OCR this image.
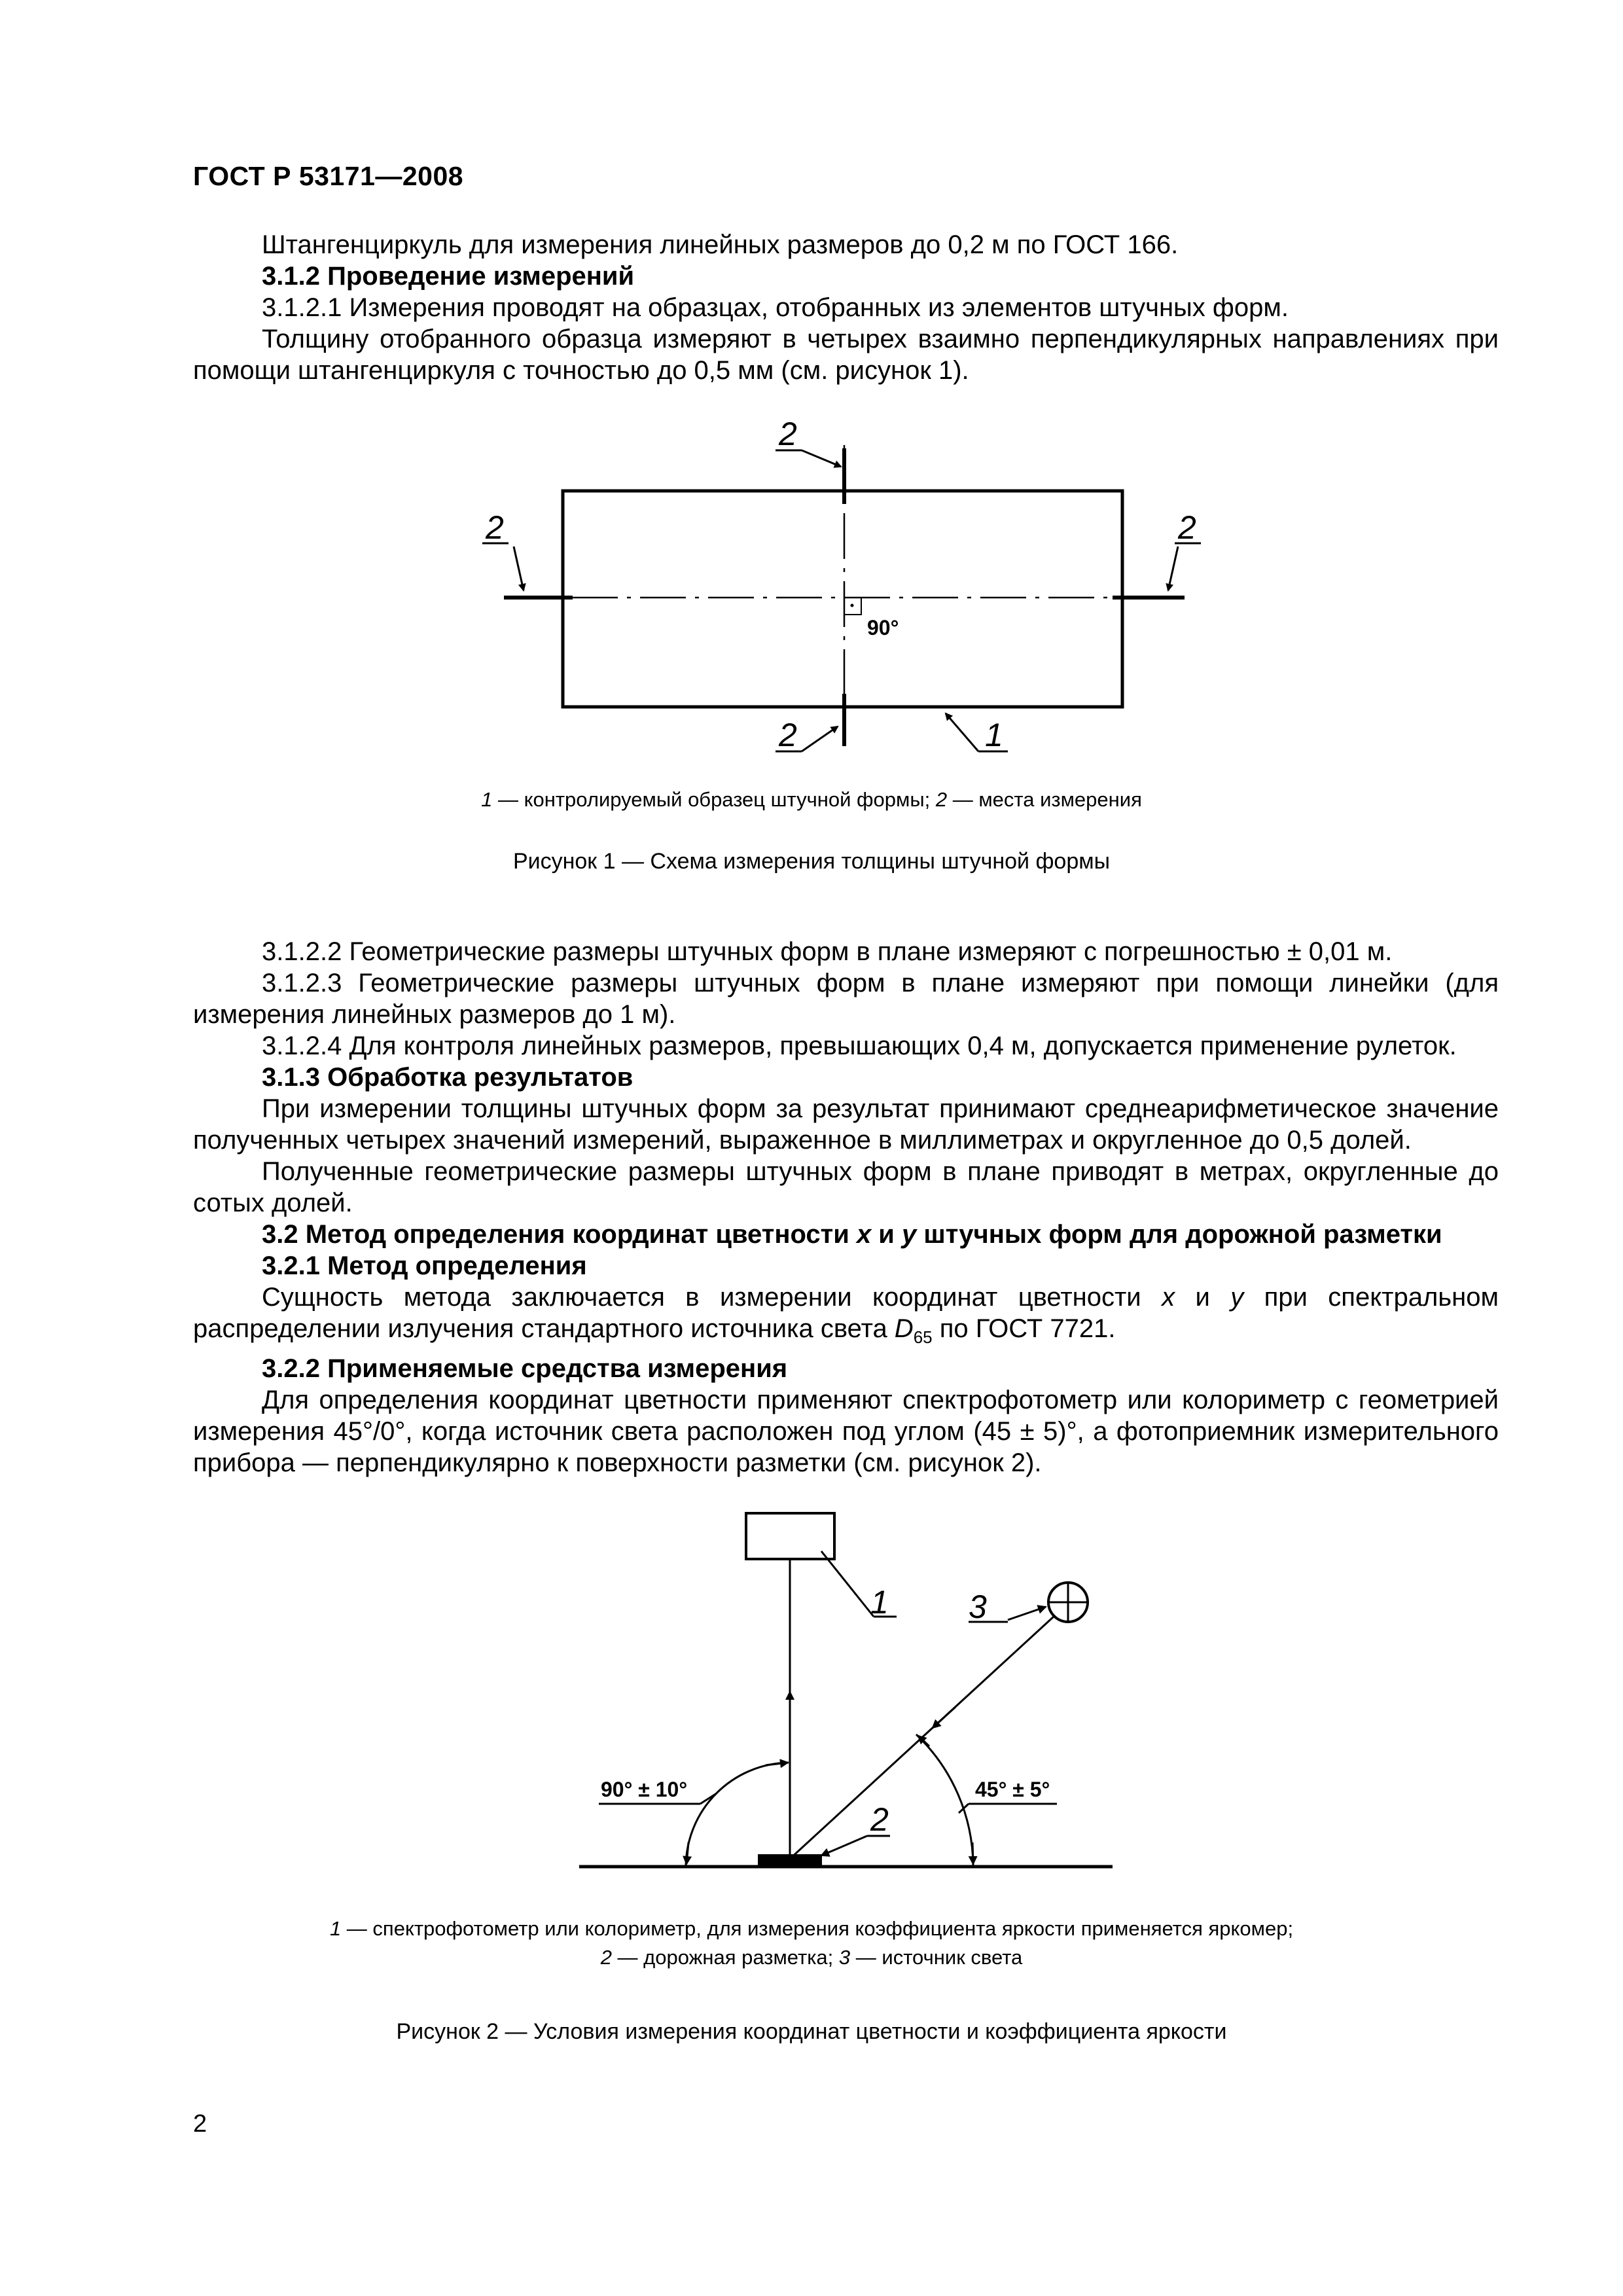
ГОСТ Р 53171—2008

Штангенциркуль для измерения линейных размеров до 0,2 м по ГОСТ 166.

3.1.2 Проведение измерений

3.1.2.1 Измерения проводят на образцах, отобранных из элементов штучных форм.

Толщину отобранного образца измеряют в четырех взаимно перпендикулярных направлениях при помощи штангенциркуля с точностью до 0,5 мм (см. рисунок 1).

90°
2
2	2
2	1
1 — контролируемый образец штучной формы; 2 — места измерения
Рисунок 1 — Схема измерения толщины штучной формы

3.1.2.2 Геометрические размеры штучных форм в плане измеряют с погрешностью ± 0,01 м.

3.1.2.3 Геометрические размеры штучных форм в плане измеряют при помощи линейки (для измерения линейных размеров до 1 м).

3.1.2.4 Для контроля линейных размеров, превышающих 0,4 м, допускается применение рулеток.

3.1.3 Обработка результатов

При измерении толщины штучных форм за результат принимают среднеарифметическое значение полученных четырех значений измерений, выраженное в миллиметрах и округленное до 0,5 долей.

Полученные геометрические размеры штучных форм в плане приводят в метрах, округленные до сотых долей.

3.2 Метод определения координат цветности x и y штучных форм для дорожной разметки

3.2.1 Метод определения

Сущность метода заключается в измерении координат цветности x и y при спектральном распределении излучения стандартного источника света $D_{65}$ по ГОСТ 7721.

3.2.2 Применяемые средства измерения

Для определения координат цветности применяют спектрофотометр или колориметр с геометрией измерения 45°/0°, когда источник света расположен под углом (45 ± 5)°, а фотоприемник измерительного прибора — перпендикулярно к поверхности разметки (см. рисунок 2).

1 3
2
90° ± 10°	45° ± 5°
1 — спектрофотометр или колориметр, для измерения коэффициента яркости применяется яркомер;
2 — дорожная разметка; 3 — источник света
Рисунок 2 — Условия измерения координат цветности и коэффициента яркости
2
